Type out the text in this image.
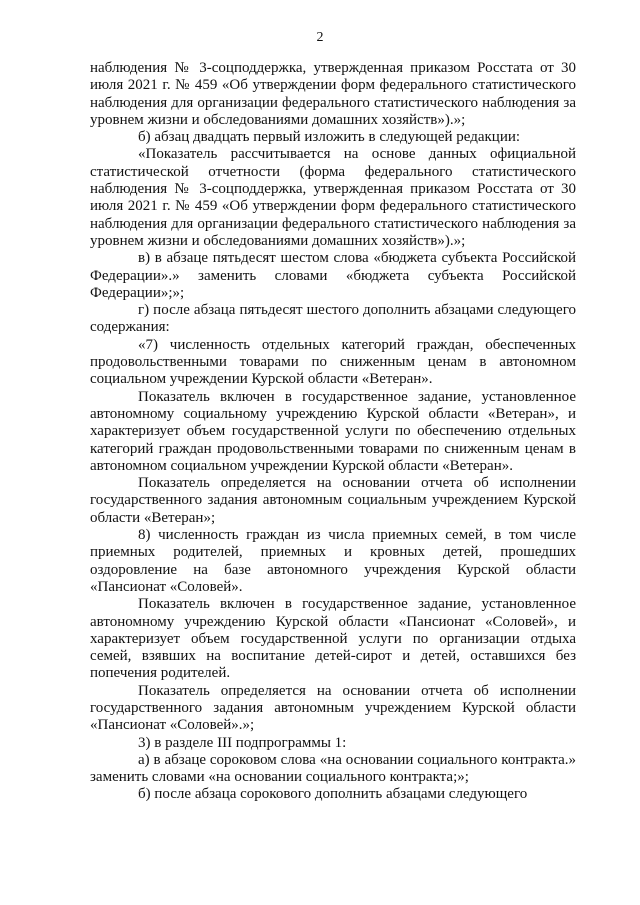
2

наблюдения № 3-соцподдержка, утвержденная приказом Росстата от 30 июля 2021 г. № 459 «Об утверждении форм федерального статистического наблюдения для организации федерального статистического наблюдения за уровнем жизни и обследованиями домашних хозяйств»).»;

б) абзац двадцать первый изложить в следующей редакции:

«Показатель рассчитывается на основе данных официальной статистической отчетности (форма федерального статистического наблюдения № 3-соцподдержка, утвержденная приказом Росстата от 30 июля 2021 г. № 459 «Об утверждении форм федерального статистического наблюдения для организации федерального статистического наблюдения за уровнем жизни и обследованиями домашних хозяйств»).»;

в) в абзаце пятьдесят шестом слова «бюджета субъекта Российской Федерации».» заменить словами «бюджета субъекта Российской Федерации»;»;

г) после абзаца пятьдесят шестого дополнить абзацами следующего содержания:

«7) численность отдельных категорий граждан, обеспеченных продовольственными товарами по сниженным ценам в автономном социальном учреждении Курской области «Ветеран».

Показатель включен в государственное задание, установленное автономному социальному учреждению Курской области «Ветеран», и характеризует объем государственной услуги по обеспечению отдельных категорий граждан продовольственными товарами по сниженным ценам в автономном социальном учреждении Курской области «Ветеран».

Показатель определяется на основании отчета об исполнении государственного задания автономным социальным учреждением Курской области «Ветеран»;

8) численность граждан из числа приемных семей, в том числе приемных родителей, приемных и кровных детей, прошедших оздоровление на базе автономного учреждения Курской области «Пансионат «Соловей».

Показатель включен в государственное задание, установленное автономному учреждению Курской области «Пансионат «Соловей», и характеризует объем государственной услуги по организации отдыха семей, взявших на воспитание детей-сирот и детей, оставшихся без попечения родителей.

Показатель определяется на основании отчета об исполнении государственного задания автономным учреждением Курской области «Пансионат «Соловей».»;

3) в разделе III подпрограммы 1:

а) в абзаце сороковом слова «на основании социального контракта.» заменить словами «на основании социального контракта;»;

б) после абзаца сорокового дополнить абзацами следующего
